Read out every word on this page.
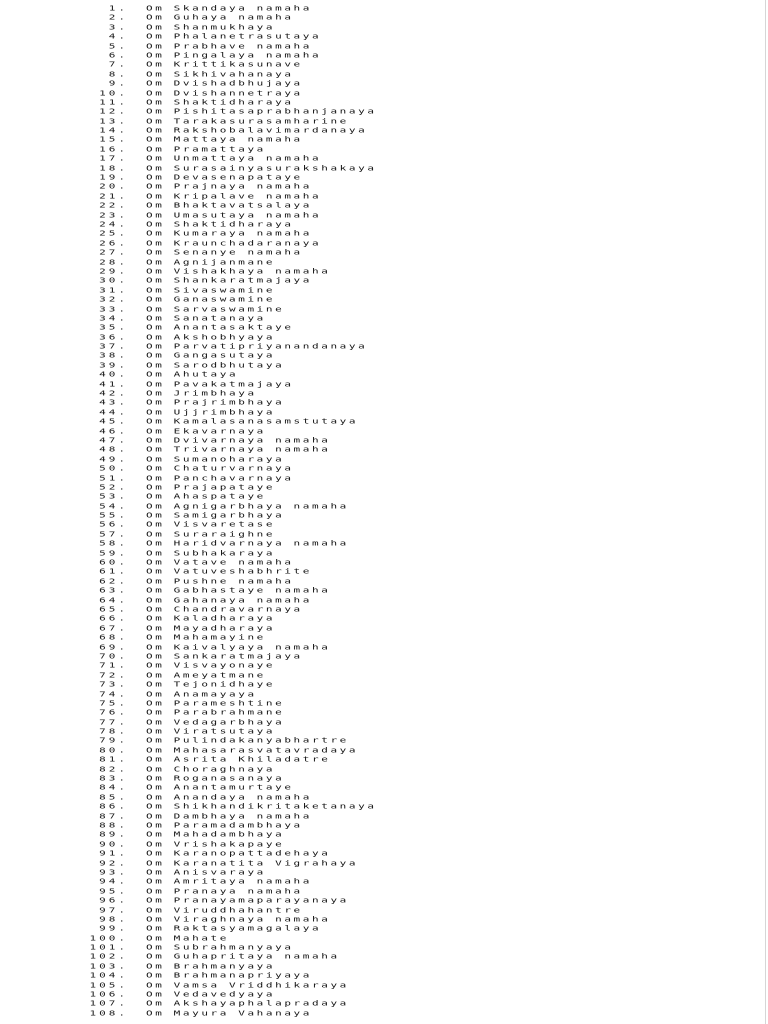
1. Om Skandaya namaha
2. Om Guhaya namaha
3. Om Shanmukhaya
4. Om Phalanetrasutaya
5. Om Prabhave namaha
6. Om Pingalaya namaha
7. Om Krittikasunave
8. Om Sikhivahanaya
9. Om Dvishadbhujaya
10. Om Dvishannetraya
11. Om Shaktidharaya
12. Om Pishitasaprabhanjanaya
13. Om Tarakasurasamharine
14. Om Rakshobalavimardanaya
15. Om Mattaya namaha
16. Om Pramattaya
17. Om Unmattaya namaha
18. Om Surasainyasurakshakaya
19. Om Devasenapataye
20. Om Prajnaya namaha
21. Om Kripalave namaha
22. Om Bhaktavatsalaya
23. Om Umasutaya namaha
24. Om Shaktidharaya
25. Om Kumaraya namaha
26. Om Kraunchadaranaya
27. Om Senanye namaha
28. Om Agnijanmane
29. Om Vishakhaya namaha
30. Om Shankaratmajaya
31. Om Sivaswamine
32. Om Ganaswamine
33. Om Sarvaswamine
34. Om Sanatanaya
35. Om Anantasaktaye
36. Om Akshobhyaya
37. Om Parvatipriyanandanaya
38. Om Gangasutaya
39. Om Sarodbhutaya
40. Om Ahutaya
41. Om Pavakatmajaya
42. Om Jrimbhaya
43. Om Prajrimbhaya
44. Om Ujjrimbhaya
45. Om Kamalasanasamstutaya
46. Om Ekavarnaya
47. Om Dvivarnaya namaha
48. Om Trivarnaya namaha
49. Om Sumanoharaya
50. Om Chaturvarnaya
51. Om Panchavarnaya
52. Om Prajapataye
53. Om Ahaspataye
54. Om Agnigarbhaya namaha
55. Om Samigarbhaya
56. Om Visvaretase
57. Om Suraraighne
58. Om Haridvarnaya namaha
59. Om Subhakaraya
60. Om Vatave namaha
61. Om Vatuveshabhrite
62. Om Pushne namaha
63. Om Gabhastaye namaha
64. Om Gahanaya namaha
65. Om Chandravarnaya
66. Om Kaladharaya
67. Om Mayadharaya
68. Om Mahamayine
69. Om Kaivalyaya namaha
70. Om Sankaratmajaya
71. Om Visvayonaye
72. Om Ameyatmane
73. Om Tejonidhaye
74. Om Anamayaya
75. Om Parameshtine
76. Om Parabrahmane
77. Om Vedagarbhaya
78. Om Viratsutaya
79. Om Pulindakanyabhartre
80. Om Mahasarasvatavradaya
81. Om Asrita Khiladatre
82. Om Choraghnaya
83. Om Roganasanaya
84. Om Anantamurtaye
85. Om Anandaya namaha
86. Om Shikhandikritaketanaya
87. Om Dambhaya namaha
88. Om Paramadambhaya
89. Om Mahadambhaya
90. Om Vrishakapaye
91. Om Karanopattadehaya
92. Om Karanatita Vigrahaya
93. Om Anisvaraya
94. Om Amritaya namaha
95. Om Pranaya namaha
96. Om Pranayamaparayanaya
97. Om Viruddhahantre
98. Om Viraghnaya namaha
99. Om Raktasyamagalaya
100. Om Mahate
101. Om Subrahmanyaya
102. Om Guhapritaya namaha
103. Om Brahmanyaya
104. Om Brahmanapriyaya
105. Om Vamsa Vriddhikaraya
106. Om Vedavedyaya
107. Om Akshayaphalapradaya
108. Om Mayura Vahanaya
